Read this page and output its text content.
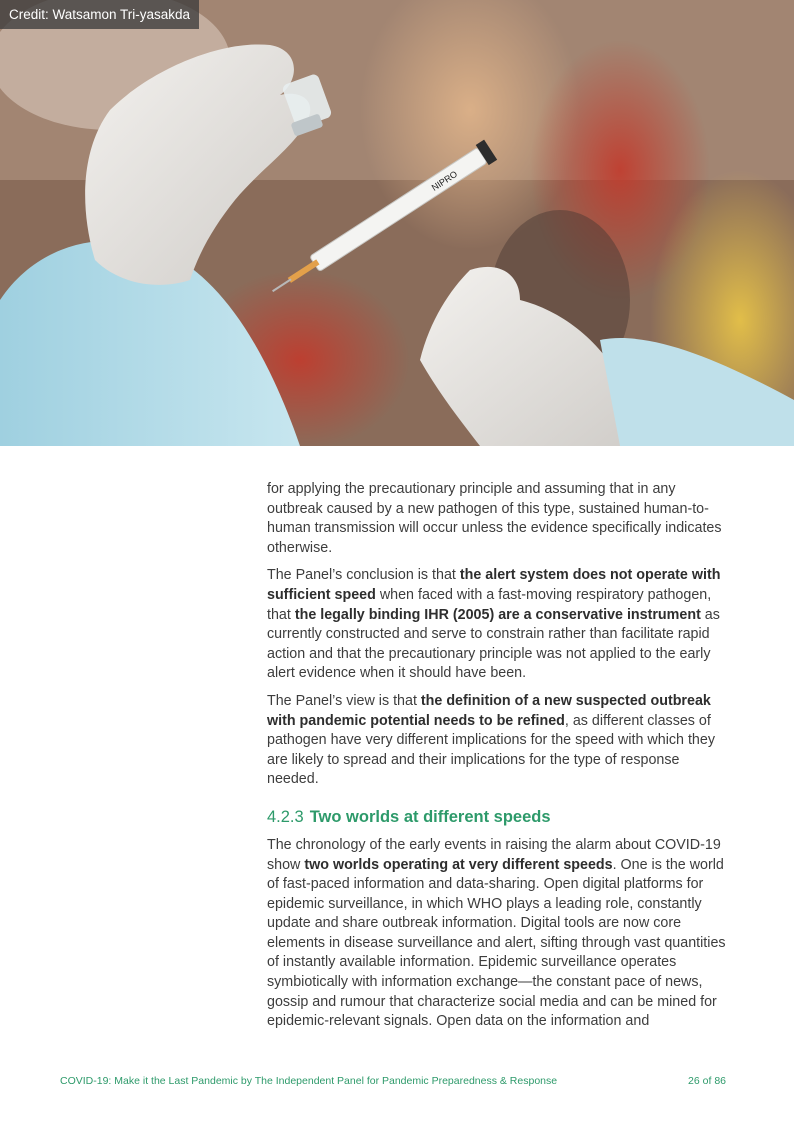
NIPRO
Credit: Watsamon Tri-yasakda

for applying the precautionary principle and assuming that in any outbreak caused by a new pathogen of this type, sustained human-to-human transmission will occur unless the evidence specifically indicates otherwise.

The Panel’s conclusion is that the alert system does not operate with sufficient speed when faced with a fast-moving respiratory pathogen, that the legally binding IHR (2005) are a conservative instrument as currently constructed and serve to constrain rather than facilitate rapid action and that the precautionary principle was not applied to the early alert evidence when it should have been.

The Panel’s view is that the definition of a new suspected outbreak with pandemic potential needs to be refined, as different classes of pathogen have very different implications for the speed with which they are likely to spread and their implications for the type of response needed.

4.2.3 Two worlds at different speeds

The chronology of the early events in raising the alarm about COVID-19 show two worlds operating at very different speeds. One is the world of fast-paced information and data-sharing. Open digital platforms for epidemic surveillance, in which WHO plays a leading role, constantly update and share outbreak information. Digital tools are now core elements in disease surveillance and alert, sifting through vast quantities of instantly available information. Epidemic surveillance operates symbiotically with information exchange—the constant pace of news, gossip and rumour that characterize social media and can be mined for epidemic-relevant signals. Open data on the information and

COVID-19: Make it the Last Pandemic by The Independent Panel for Pandemic Preparedness & Response	26 of 86
